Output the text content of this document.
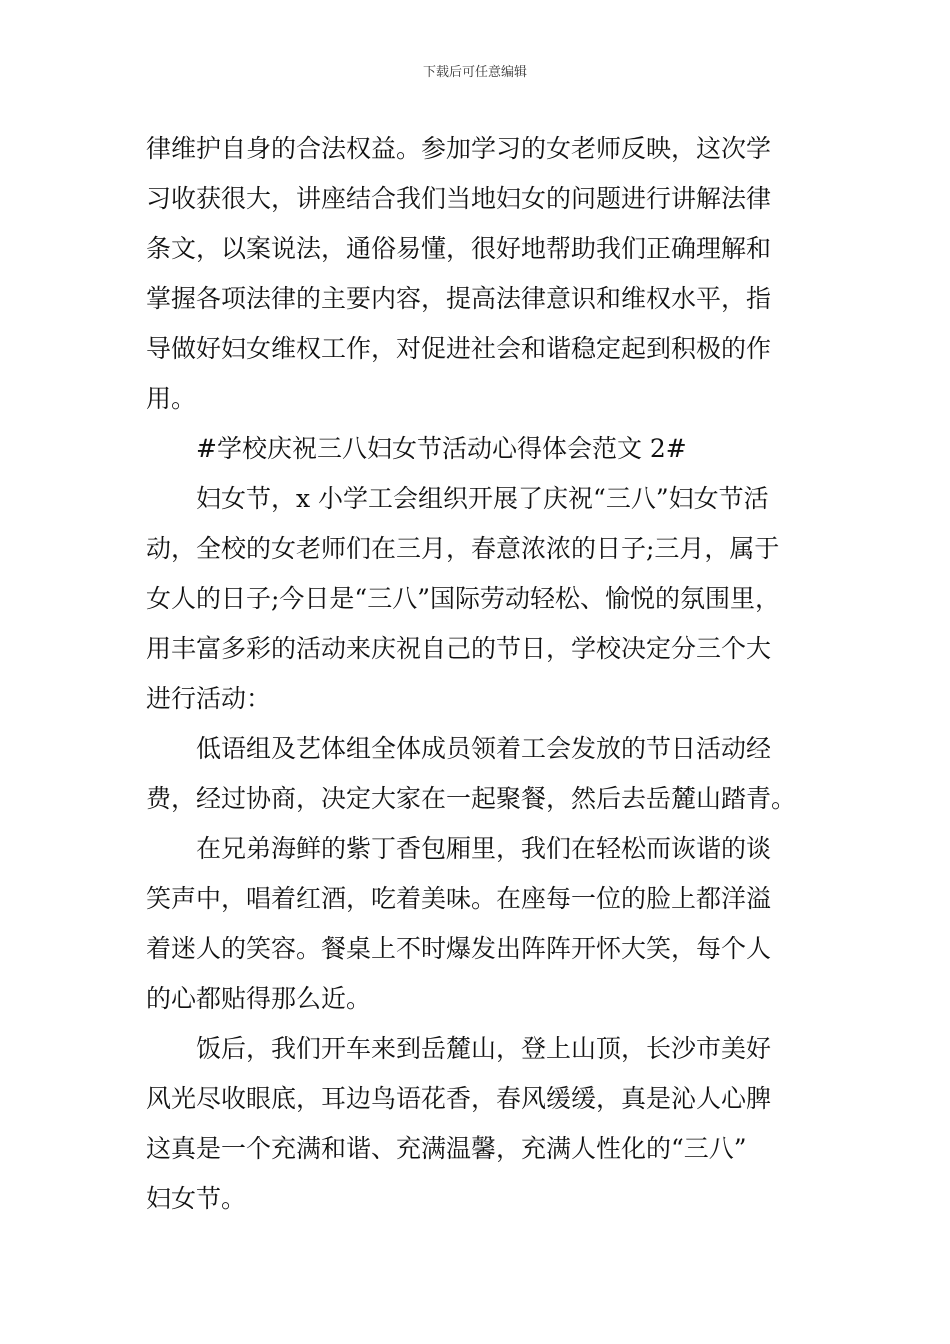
下载后可任意编辑
律维护自身的合法权益。参加学习的女老师反映，这次学
习收获很大，讲座结合我们当地妇女的问题进行讲解法律
条文，以案说法，通俗易懂，很好地帮助我们正确理解和
掌握各项法律的主要内容，提高法律意识和维权水平，指
导做好妇女维权工作，对促进社会和谐稳定起到积极的作
用。
#学校庆祝三八妇女节活动心得体会范文 2#
妇女节，x 小学工会组织开展了庆祝“三八”妇女节活
动，全校的女老师们在三月，春意浓浓的日子;三月，属于
女人的日子;今日是“三八”国际劳动轻松、愉悦的氛围里，
用丰富多彩的活动来庆祝自己的节日，学校决定分三个大
进行活动：
低语组及艺体组全体成员领着工会发放的节日活动经
费，经过协商，决定大家在一起聚餐，然后去岳麓山踏青。
在兄弟海鲜的紫丁香包厢里，我们在轻松而诙谐的谈
笑声中，唱着红酒，吃着美味。在座每一位的脸上都洋溢
着迷人的笑容。餐桌上不时爆发出阵阵开怀大笑，每个人
的心都贴得那么近。
饭后，我们开车来到岳麓山，登上山顶，长沙市美好
风光尽收眼底，耳边鸟语花香，春风缓缓，真是沁人心脾
这真是一个充满和谐、充满温馨，充满人性化的“三八”
妇女节。
